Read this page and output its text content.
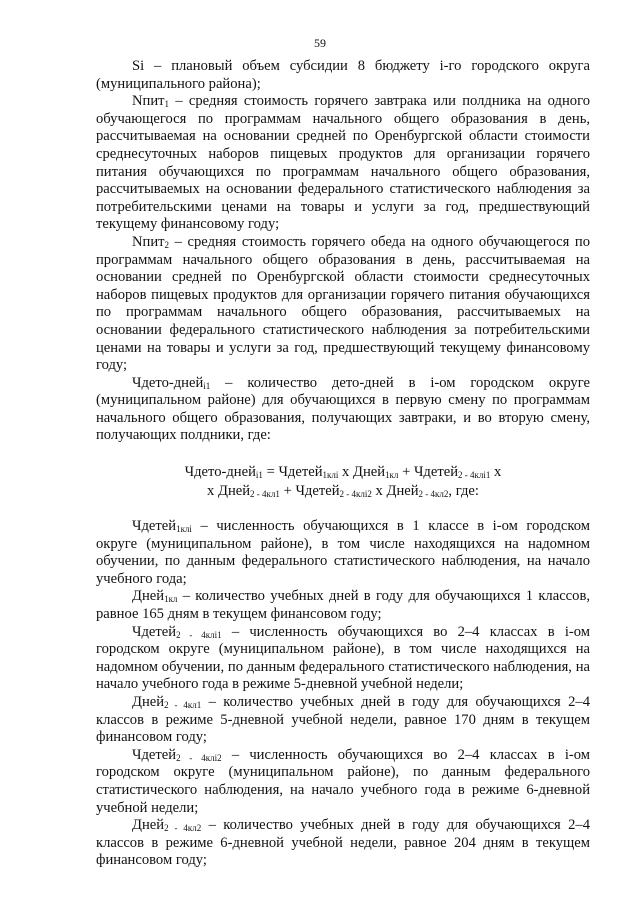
59

Si – плановый объем субсидии 8 бюджету i-го городского округа (муниципального района);

Nпит$_1$ – средняя стоимость горячего завтрака или полдника на одного обучающегося по программам начального общего образования в день, рассчитываемая на основании средней по Оренбургской области стоимости среднесуточных наборов пищевых продуктов для организации горячего питания обучающихся по программам начального общего образования, рассчитываемых на основании федерального статистического наблюдения за потребительскими ценами на товары и услуги за год, предшествующий текущему финансовому году;

Nпит$_2$ – средняя стоимость горячего обеда на одного обучающегося по программам начального общего образования в день, рассчитываемая на основании средней по Оренбургской области стоимости среднесуточных наборов пищевых продуктов для организации горячего питания обучающихся по программам начального общего образования, рассчитываемых на основании федерального статистического наблюдения за потребительскими ценами на товары и услуги за год, предшествующий текущему финансовому году;

Чдето-дней$_{i1}$ – количество дето-дней в i-ом городском округе (муниципальном районе) для обучающихся в первую смену по программам начального общего образования, получающих завтраки, и во вторую смену, получающих полдники, где:

Чдето-дней$_{i1}$ = Чдетей$_{1клi}$ x Дней$_{1кл}$ + Чдетей$_{2 - 4клi1}$ x
x Дней$_{2 - 4кл1}$ + Чдетей$_{2 - 4клi2}$ x Дней$_{2 - 4кл2}$, где:

Чдетей$_{1клi}$ – численность обучающихся в 1 классе в i-ом городском округе (муниципальном районе), в том числе находящихся на надомном обучении, по данным федерального статистического наблюдения, на начало учебного года;

Дней$_{1кл}$ – количество учебных дней в году для обучающихся 1 классов, равное 165 дням в текущем финансовом году;

Чдетей$_{2 - 4клi1}$ – численность обучающихся во 2–4 классах в i-ом городском округе (муниципальном районе), в том числе находящихся на надомном обучении, по данным федерального статистического наблюдения, на начало учебного года в режиме 5-дневной учебной недели;

Дней$_{2 - 4кл1}$ – количество учебных дней в году для обучающихся 2–4 классов в режиме 5-дневной учебной недели, равное 170 дням в текущем финансовом году;

Чдетей$_{2 - 4клi2}$ – численность обучающихся во 2–4 классах в i-ом городском округе (муниципальном районе), по данным федерального статистического наблюдения, на начало учебного года в режиме 6-дневной учебной недели;

Дней$_{2 - 4кл2}$ – количество учебных дней в году для обучающихся 2–4 классов в режиме 6-дневной учебной недели, равное 204 дням в текущем финансовом году;
